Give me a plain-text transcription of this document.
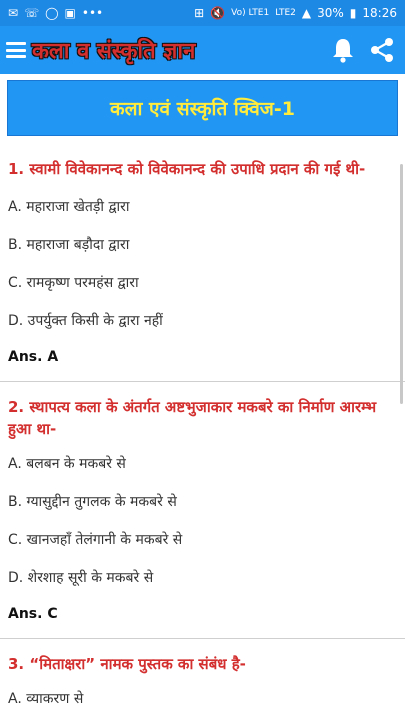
✉ ☏ ◯ ▣ •••	⊞ 🔇 Vo) LTE1 LTE2 ▲ 30% ▮ 18:26
कला व संस्कृति ज्ञान
कला एवं संस्कृति क्विज-1

1. स्वामी विवेकानन्द को विवेकानन्द की उपाधि प्रदान की गई थी-

A. महाराजा खेतड़ी द्वारा

B. महाराजा बड़ौदा द्वारा

C. रामकृष्ण परमहंस द्वारा

D. उपर्युक्त किसी के द्वारा नहीं

Ans. A

2. स्थापत्य कला के अंतर्गत अष्टभुजाकार मकबरे का निर्माण आरम्भ हुआ था-

A. बलबन के मकबरे से

B. ग्यासुद्दीन तुगलक के मकबरे से

C. खानजहाँ तेलंगानी के मकबरे से

D. शेरशाह सूरी के मकबरे से

Ans. C

3. “मिताक्षरा” नामक पुस्तक का संबंध है-

A. व्याकरण से
